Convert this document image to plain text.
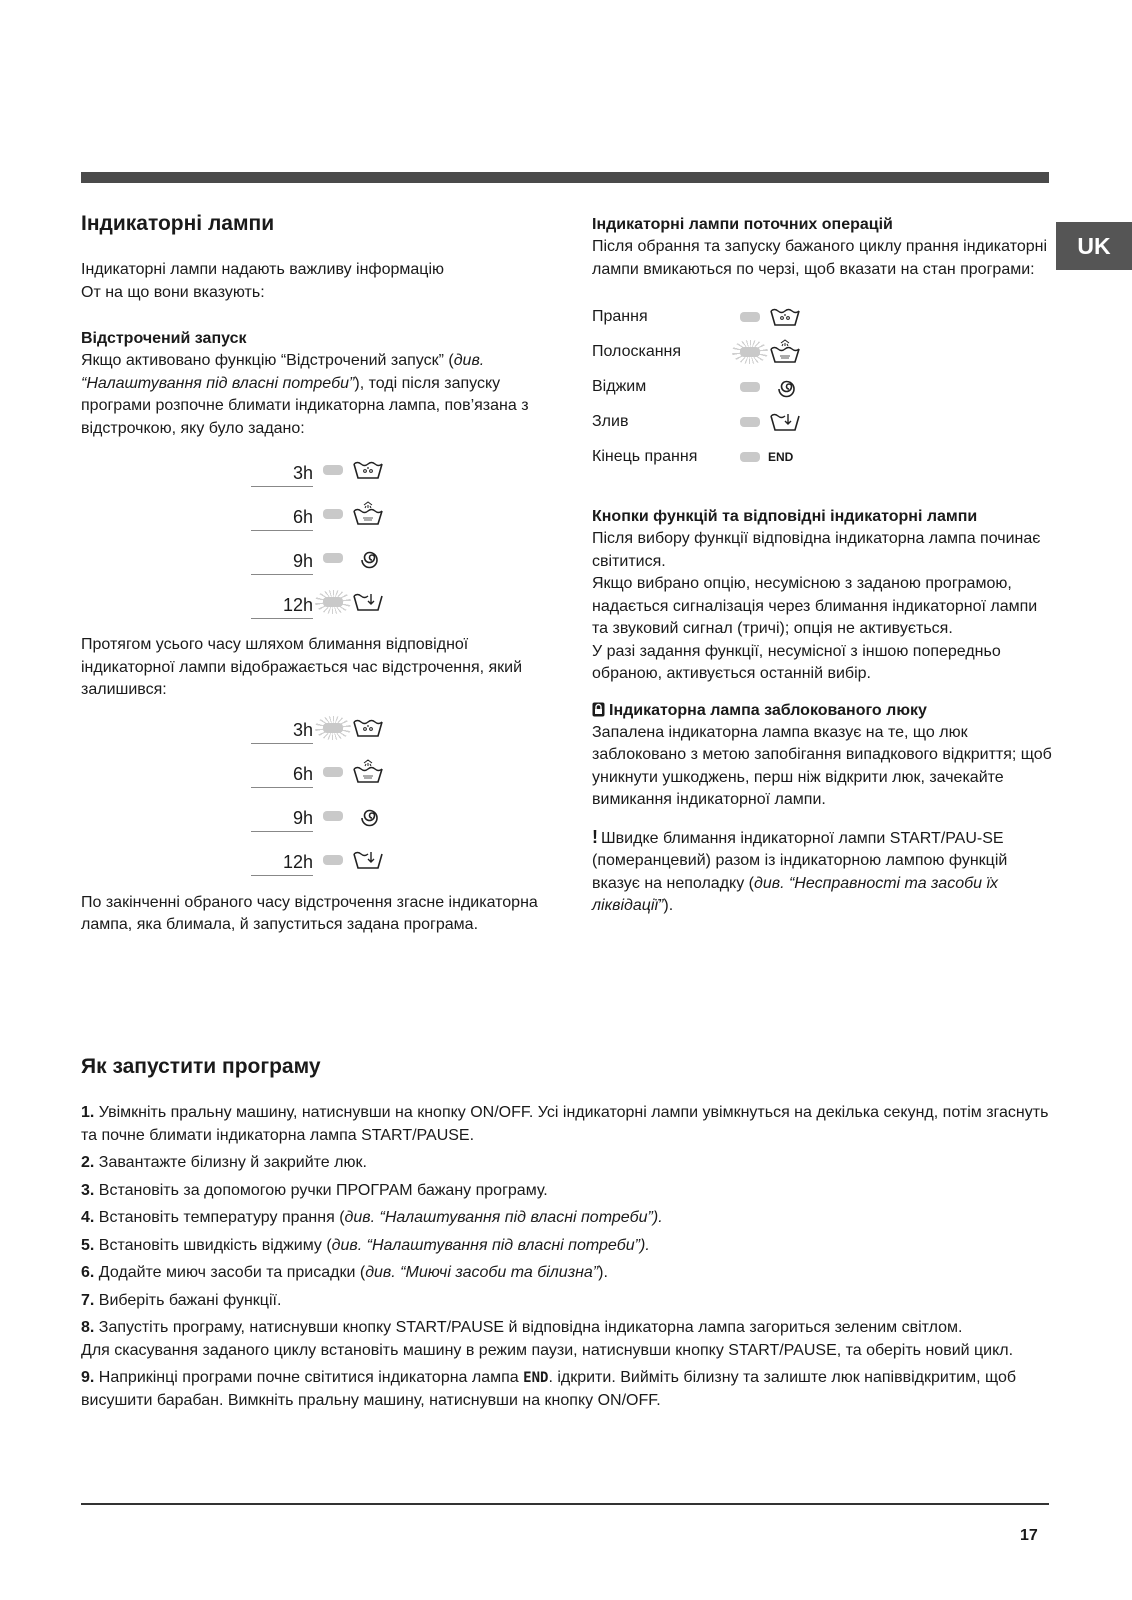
UK
Індикаторні лампи

Індикаторні лампи надають важливу інформацію

От на що вони вказують:

Відстрочений запуск

Якщо активовано функцію “Відстрочений запуск” (див. “Налаштування під власні потреби”), тоді після запуску програми розпочне блимати індикаторна лампа, пов’язана з відстрочкою, яку було задано:

3h
6h
9h
12h

Протягом усього часу шляхом блимання відповідної індикаторної лампи відображається час відстрочення, який залишився:

3h
6h
9h
12h

По закінченні обраного часу відстрочення згасне індикаторна лампа, яка блимала, й запуститься задана програма.

Індикаторні лампи поточних операцій

Після обрання та запуску бажаного циклу прання індикаторні лампи вмикаються по черзі, щоб вказати на стан програми:

Прання
Полоскання
Віджим
Злив
Кінець прання	END
Кнопки функцій та відповідні індикаторні лампи

Після вибору функції відповідна індикаторна лампа починає світитися.

Якщо вибрано опцію, несумісною з заданою програмою, надається сигналізація через блимання індикаторної лампи та звуковий сигнал (тричі); опція не активується.

У разі задання функції, несумісної з іншою попередньо обраною, активується останній вибір.

Індикаторна лампа заблокованого люку

Запалена індикаторна лампа вказує на те, що люк заблоковано з метою запобігання випадкового відкриття; щоб уникнути ушкоджень, перш ніж відкрити люк, зачекайте вимикання індикаторної лампи.

! Швидке блимання індикаторної лампи START/PAU-SE (померанцевий) разом із індикаторною лампою функцій вказує на неполадку (див. “Несправності та засоби їх ліквідації”).

Як запустити програму

1. Увімкніть пральну машину, натиснувши на кнопку ON/OFF. Усі індикаторні лампи увімкнуться на декілька секунд, потім згаснуть та почне блимати індикаторна лампа START/PAUSE.

2. Завантажте білизну й закрийте люк.

3. Встановіть за допомогою ручки ПРОГРАМ бажану програму.

4. Встановіть температуру прання (див. “Налаштування під власні потреби”).

5. Встановіть швидкість віджиму (див. “Налаштування під власні потреби”).

6. Додайте миюч засоби та присадки (див. “Миючі засоби та білизна”).

7. Виберіть бажані функції.

8. Запустіть програму, натиснувши кнопку START/PAUSE й відповідна індикаторна лампа загориться зеленим світлом.

Для скасування заданого циклу встановіть машину в режим паузи, натиснувши кнопку START/PAUSE, та оберіть новий цикл.

9. Наприкінці програми почне світитися індикаторна лампа END. ідкрити. Вийміть білизну та залиште люк напіввідкритим, щоб висушити барабан. Вимкніть пральну машину, натиснувши на кнопку ON/OFF.

17
